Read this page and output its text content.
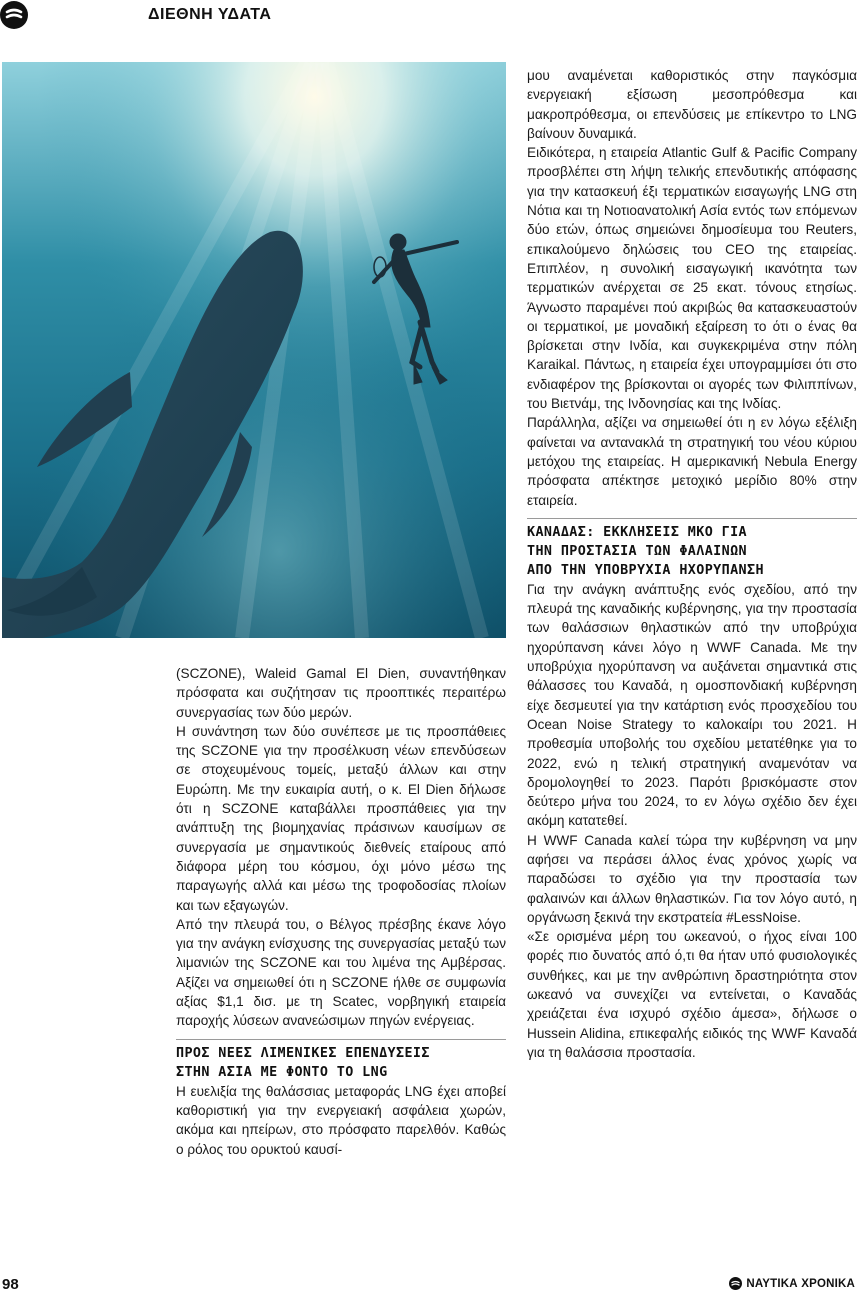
ΔΙΕΘΝΗ ΥΔΑΤΑ

(SCZONE), Waleid Gamal El Dien, συναντήθηκαν πρόσφατα και συζήτησαν τις προοπτικές περαιτέρω συνεργασίας των δύο μερών.

Η συνάντηση των δύο συνέπεσε με τις προσπάθειες της SCZONE για την προσέλκυση νέων επενδύσεων σε στοχευμένους τομείς, μεταξύ άλλων και στην Ευρώπη. Με την ευκαιρία αυτή, ο κ. El Dien δήλωσε ότι η SCZONE καταβάλλει προσπάθειες για την ανάπτυξη της βιομηχανίας πράσινων καυσίμων σε συνεργασία με σημαντικούς διεθνείς εταίρους από διάφορα μέρη του κόσμου, όχι μόνο μέσω της παραγωγής αλλά και μέσω της τροφοδοσίας πλοίων και των εξαγωγών.

Από την πλευρά του, ο Βέλγος πρέσβης έκανε λόγο για την ανάγκη ενίσχυσης της συνεργασίας μεταξύ των λιμανιών της SCZONE και του λιμένα της Αμβέρσας. Αξίζει να σημειωθεί ότι η SCZONE ήλθε σε συμφωνία αξίας $1,1 δισ. με τη Scatec, νορβηγική εταιρεία παροχής λύσεων ανανεώσιμων πηγών ενέργειας.

ΠΡΟΣ ΝΕΕΣ ΛΙΜΕΝΙΚΕΣ ΕΠΕΝΔΥΣΕΙΣ
ΣΤΗΝ ΑΣΙΑ ΜΕ ΦΟΝΤΟ ΤΟ LNG

Η ευελιξία της θαλάσσιας μεταφοράς LNG έχει αποβεί καθοριστική για την ενεργειακή ασφάλεια χωρών, ακόμα και ηπείρων, στο πρόσφατο παρελθόν. Καθώς ο ρόλος του ορυκτού καυσί-

μου αναμένεται καθοριστικός στην παγκόσμια ενεργειακή εξίσωση μεσοπρόθεσμα και μακροπρόθεσμα, οι επενδύσεις με επίκεντρο το LNG βαίνουν δυναμικά.

Ειδικότερα, η εταιρεία Atlantic Gulf & Pacific Company προσβλέπει στη λήψη τελικής επενδυτικής απόφασης για την κατασκευή έξι τερματικών εισαγωγής LNG στη Νότια και τη Νοτιοανατολική Ασία εντός των επόμενων δύο ετών, όπως σημειώνει δημοσίευμα του Reuters, επικαλούμενο δηλώσεις του CEO της εταιρείας. Επιπλέον, η συνολική εισαγωγική ικανότητα των τερματικών ανέρχεται σε 25 εκατ. τόνους ετησίως. Άγνωστο παραμένει πού ακριβώς θα κατασκευαστούν οι τερματικοί, με μοναδική εξαίρεση το ότι ο ένας θα βρίσκεται στην Ινδία, και συγκεκριμένα στην πόλη Karaikal. Πάντως, η εταιρεία έχει υπογραμμίσει ότι στο ενδιαφέρον της βρίσκονται οι αγορές των Φιλιππίνων, του Βιετνάμ, της Ινδονησίας και της Ινδίας.

Παράλληλα, αξίζει να σημειωθεί ότι η εν λόγω εξέλιξη φαίνεται να αντανακλά τη στρατηγική του νέου κύριου μετόχου της εταιρείας. Η αμερικανική Nebula Energy πρόσφατα απέκτησε μετοχικό μερίδιο 80% στην εταιρεία.

ΚΑΝΑΔΑΣ: ΕΚΚΛΗΣΕΙΣ ΜΚΟ ΓΙΑ
ΤΗΝ ΠΡΟΣΤΑΣΙΑ ΤΩΝ ΦΑΛΑΙΝΩΝ
ΑΠΟ ΤΗΝ ΥΠΟΒΡΥΧΙΑ ΗΧΟΡΥΠΑΝΣΗ

Για την ανάγκη ανάπτυξης ενός σχεδίου, από την πλευρά της καναδικής κυβέρνησης, για την προστασία των θαλάσσιων θηλαστικών από την υποβρύχια ηχορύπανση κάνει λόγο η WWF Canada. Με την υποβρύχια ηχορύπανση να αυξάνεται σημαντικά στις θάλασσες του Καναδά, η ομοσπονδιακή κυβέρνηση είχε δεσμευτεί για την κατάρτιση ενός προσχεδίου του Ocean Noise Strategy το καλοκαίρι του 2021. Η προθεσμία υποβολής του σχεδίου μετατέθηκε για το 2022, ενώ η τελική στρατηγική αναμενόταν να δρομολογηθεί το 2023. Παρότι βρισκόμαστε στον δεύτερο μήνα του 2024, το εν λόγω σχέδιο δεν έχει ακόμη κατατεθεί.

Η WWF Canada καλεί τώρα την κυβέρνηση να μην αφήσει να περάσει άλλος ένας χρόνος χωρίς να παραδώσει το σχέδιο για την προστασία των φαλαινών και άλλων θηλαστικών. Για τον λόγο αυτό, η οργάνωση ξεκινά την εκστρατεία #LessNoise.

«Σε ορισμένα μέρη του ωκεανού, ο ήχος είναι 100 φορές πιο δυνατός από ό,τι θα ήταν υπό φυσιολογικές συνθήκες, και με την ανθρώπινη δραστηριότητα στον ωκεανό να συνεχίζει να εντείνεται, ο Καναδάς χρειάζεται ένα ισχυρό σχέδιο άμεσα», δήλωσε ο Hussein Alidina, επικεφαλής ειδικός της WWF Καναδά για τη θαλάσσια προστασία.

98	ΝΑΥΤΙΚΑ ΧΡΟΝΙΚΑ
